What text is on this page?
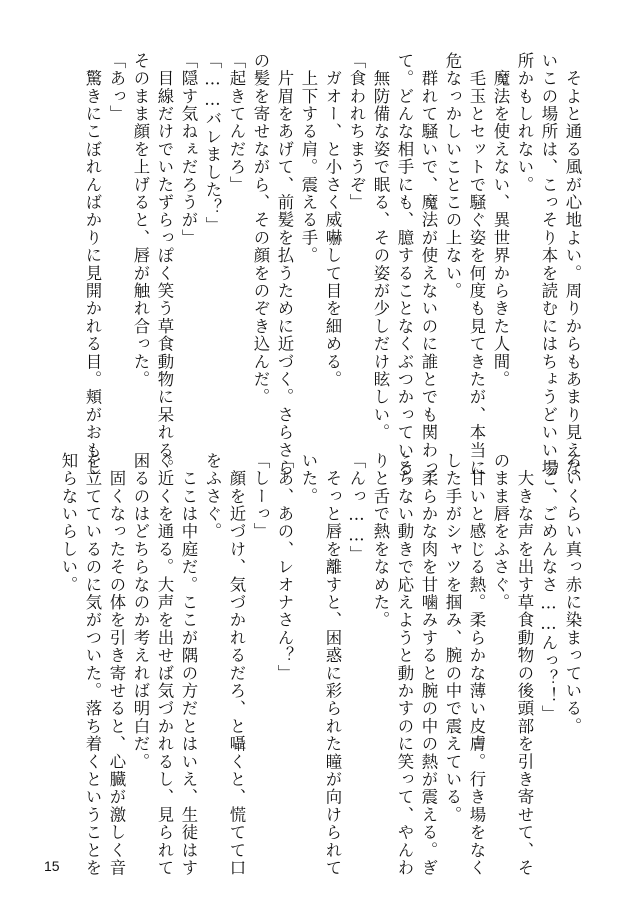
　そよと通る風が心地よい。周りからもあまり見えな

いこの場所は、こっそり本を読むにはちょうどいい場

所かもしれない。

　魔法を使えない、異世界からきた人間。

　毛玉とセットで騒ぐ姿を何度も見てきたが、本当に

危なっかしいことこの上ない。

　群れて騒いで、魔法が使えないのに誰とでも関わっ

て。どんな相手にも、臆することなくぶつかっている。

　無防備な姿で眠る、その姿が少しだけ眩しい。

「食われちまうぞ」

　ガオー、と小さく威嚇して目を細める。

　上下する肩。震える手。

　片眉をあげて、前髪を払うために近づく。さらさら

の髪を寄せながら、その顔をのぞき込んだ。

「起きてんだろ」

「……バレました？」

「隠す気ねぇだろうが」

　目線だけでいたずらっぽく笑う草食動物に呆れる。

そのまま顔を上げると、唇が触れ合った。

「あっ」

　驚きにこぼれんばかりに見開かれる目。頬がおもし

ろいくらい真っ赤に染まっている。

「ご、ごめんなさ……んっ？！」

　大きな声を出す草食動物の後頭部を引き寄せて、そ

のまま唇をふさぐ。

　甘いと感じる熱。柔らかな薄い皮膚。行き場をなく

した手がシャツを掴み、腕の中で震えている。

　柔らかな肉を甘噛みすると腕の中の熱が震える。ぎ

こちない動きで応えようと動かすのに笑って、やんわ

りと舌で熱をなめた。

「んっ……」

　そっと唇を離すと、困惑に彩られた瞳が向けられて

いた。

「あ、あの、レオナさん？」

「しーっ」

　顔を近づけ、気づかれるだろ、と囁くと、慌てて口

をふさぐ。

　ここは中庭だ。ここが隅の方だとはいえ、生徒はす

ぐ近くを通る。大声を出せば気づかれるし、見られて

困るのはどちらなのか考えれば明白だ。

　固くなったその体を引き寄せると、心臓が激しく音

を立てているのに気がついた。落ち着くということを

知らないらしい。

15
